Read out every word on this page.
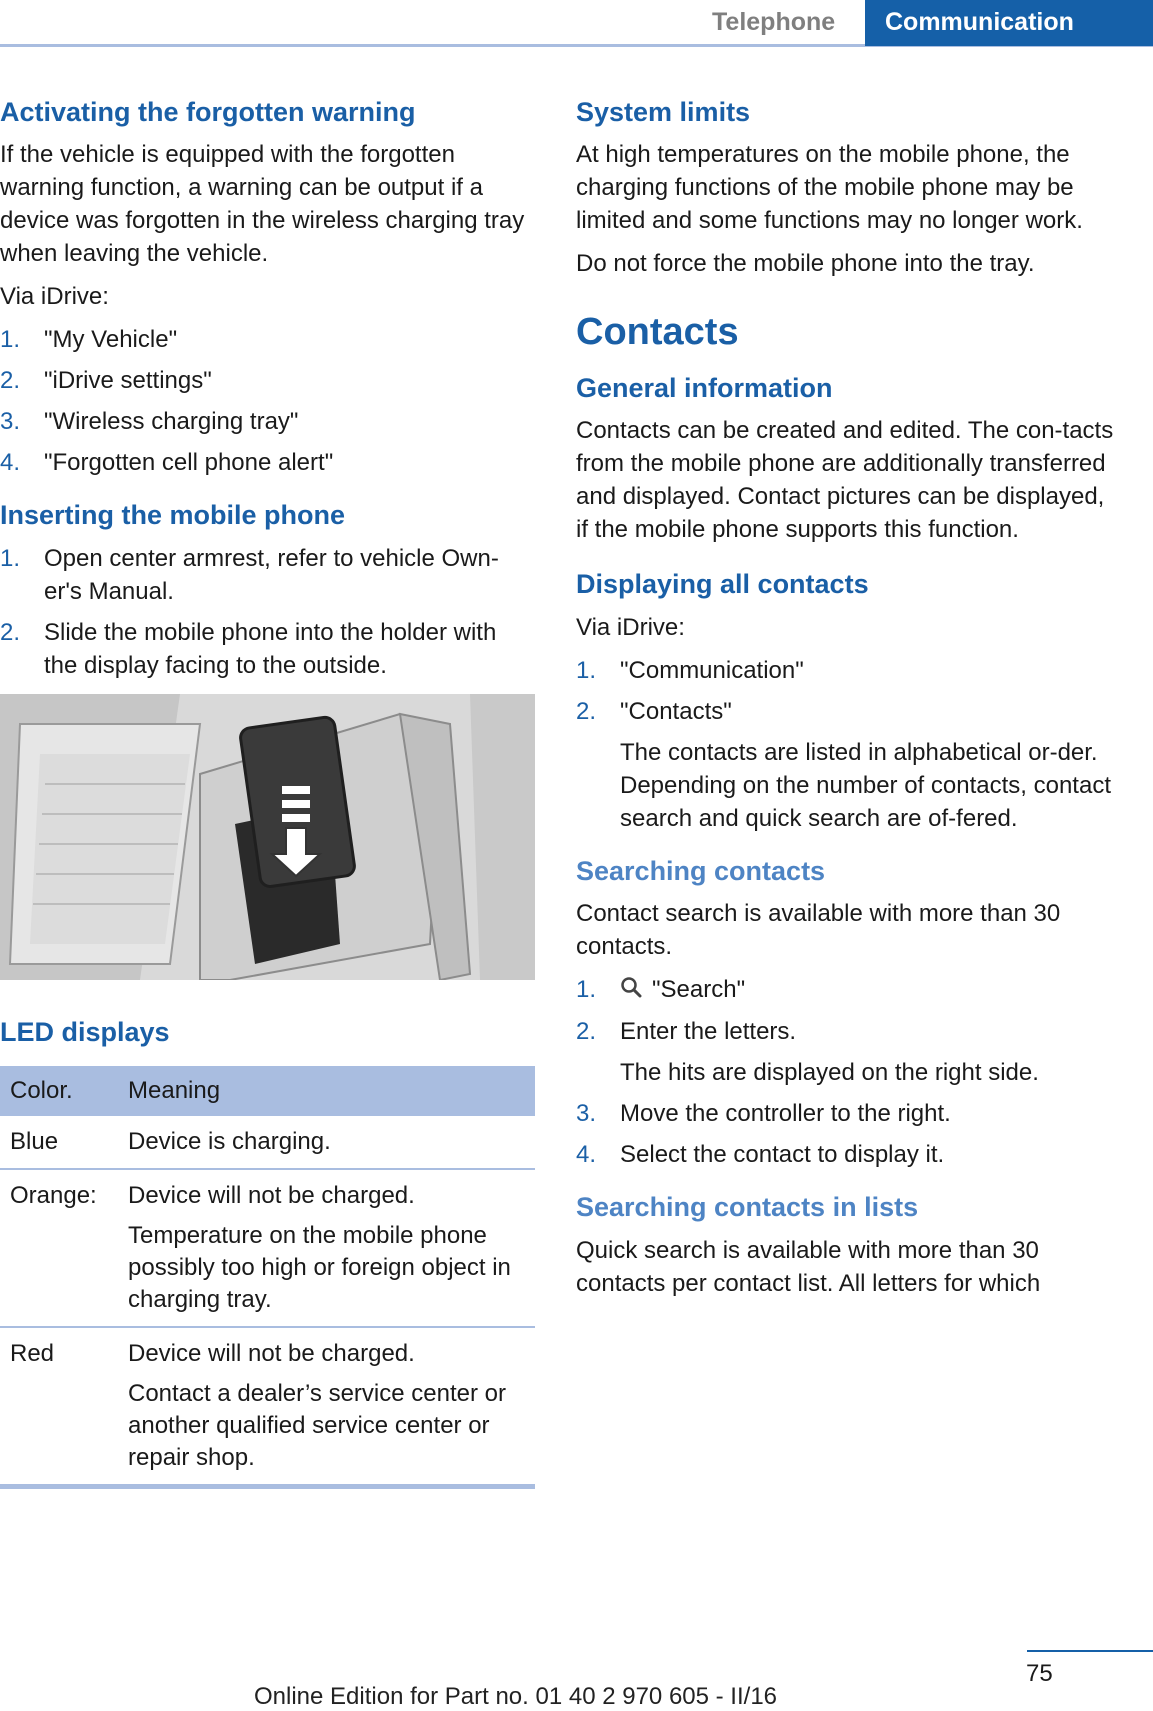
Telephone	Communication
Activating the forgotten warning

If the vehicle is equipped with the forgotten warning function, a warning can be output if a device was forgotten in the wireless charging tray when leaving the vehicle.

Via iDrive:

1. "My Vehicle"
2. "iDrive settings"
3. "Wireless charging tray"
4. "Forgotten cell phone alert"
Inserting the mobile phone
1. Open center armrest, refer to vehicle Own-er's Manual.
2. Slide the mobile phone into the holder with the display facing to the outside.
LED displays
Color.	Meaning
Blue	Device is charging.
Orange:	Device will not be charged.
Temperature on the mobile phone possibly too high or foreign object in charging tray.

Red	Device will not be charged.
Contact a dealer’s service center or another qualified service center or repair shop.
System limits

At high temperatures on the mobile phone, the charging functions of the mobile phone may be limited and some functions may no longer work.

Do not force the mobile phone into the tray.

Contacts
General information

Contacts can be created and edited. The con-tacts from the mobile phone are additionally transferred and displayed. Contact pictures can be displayed, if the mobile phone supports this function.

Displaying all contacts

Via iDrive:

1. "Communication"
2. "Contacts"
The contacts are listed in alphabetical or-der. Depending on the number of contacts, contact search and quick search are of-fered.
Searching contacts

Contact search is available with more than 30 contacts.

1.	"Search"
2. Enter the letters.
The hits are displayed on the right side.
3. Move the controller to the right.
4. Select the contact to display it.
Searching contacts in lists

Quick search is available with more than 30 contacts per contact list. All letters for which

75
Online Edition for Part no. 01 40 2 970 605 - II/16
